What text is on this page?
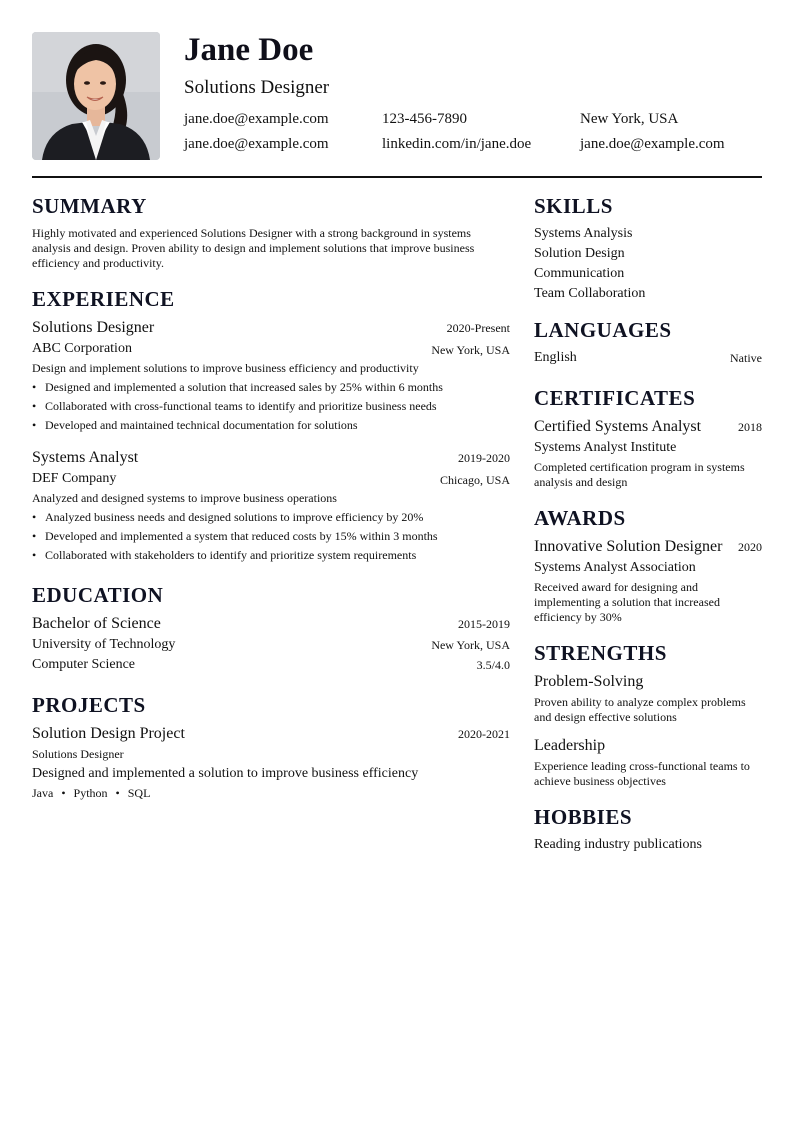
Jane Doe
Solutions Designer
jane.doe@example.com	123-456-7890	New York, USA
jane.doe@example.com	linkedin.com/in/jane.doe	jane.doe@example.com
SUMMARY
Highly motivated and experienced Solutions Designer with a strong background in systems analysis and design. Proven ability to design and implement solutions that improve business efficiency and productivity.
EXPERIENCE
Solutions Designer	2020-Present
ABC Corporation	New York, USA
Design and implement solutions to improve business efficiency and productivity
• Designed and implemented a solution that increased sales by 25% within 6 months
• Collaborated with cross-functional teams to identify and prioritize business needs
• Developed and maintained technical documentation for solutions
Systems Analyst	2019-2020
DEF Company	Chicago, USA
Analyzed and designed systems to improve business operations
• Analyzed business needs and designed solutions to improve efficiency by 20%
• Developed and implemented a system that reduced costs by 15% within 3 months
• Collaborated with stakeholders to identify and prioritize system requirements
EDUCATION
Bachelor of Science	2015-2019
University of Technology	New York, USA
Computer Science	3.5/4.0
PROJECTS
Solution Design Project	2020-2021
Solutions Designer
Designed and implemented a solution to improve business efficiency
Java • Python • SQL
SKILLS
Systems Analysis
Solution Design
Communication
Team Collaboration
LANGUAGES
English	Native
CERTIFICATES
Certified Systems Analyst	2018
Systems Analyst Institute
Completed certification program in systems analysis and design
AWARDS
Innovative Solution Designer	2020
Systems Analyst Association
Received award for designing and implementing a solution that increased efficiency by 30%
STRENGTHS
Problem-Solving
Proven ability to analyze complex problems and design effective solutions
Leadership
Experience leading cross-functional teams to achieve business objectives
HOBBIES
Reading industry publications
